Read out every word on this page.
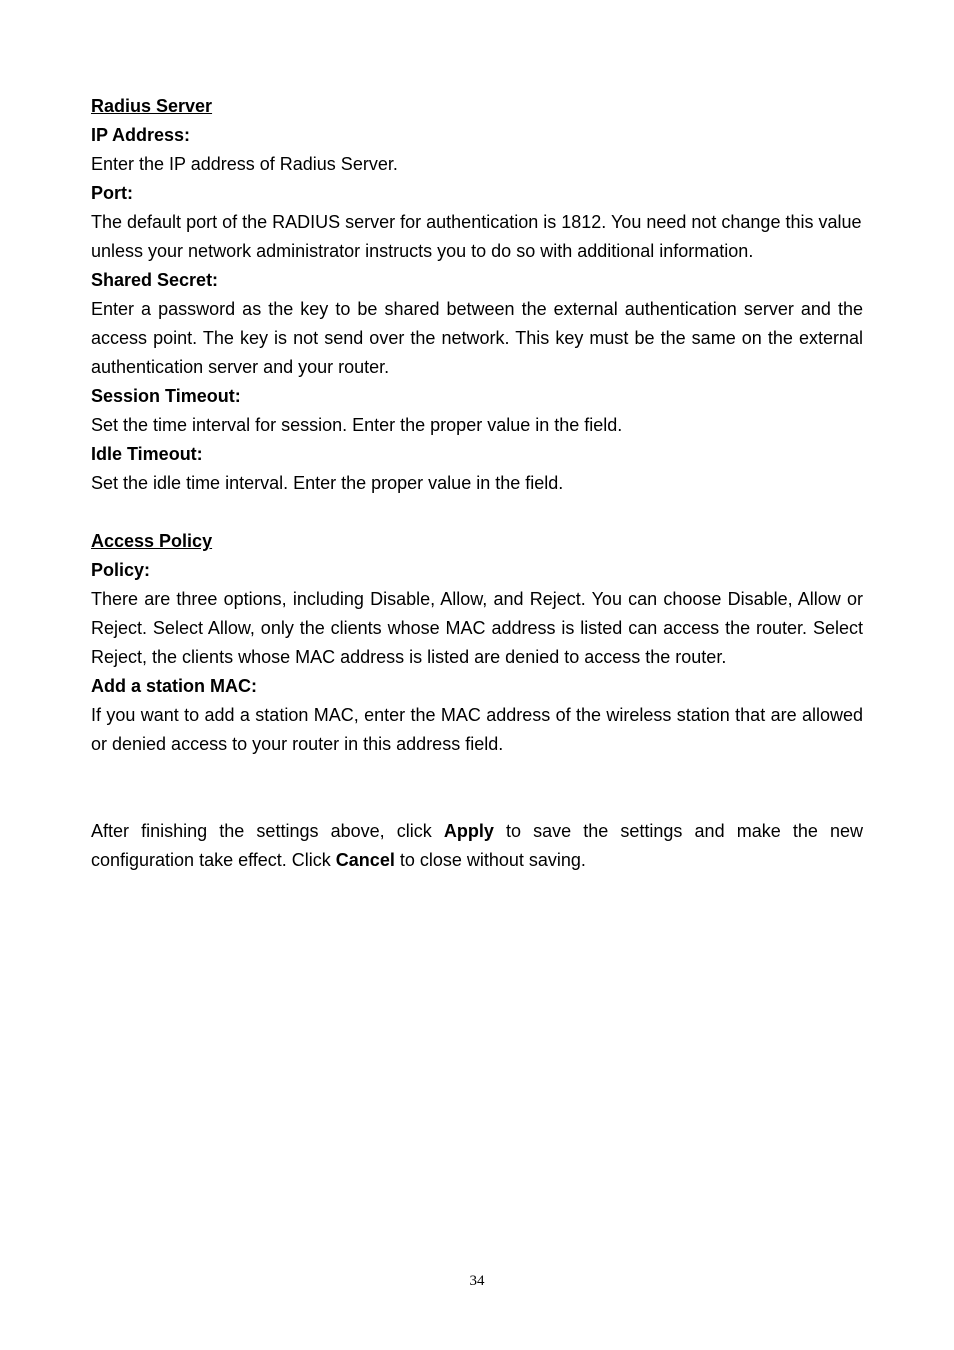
Radius Server
IP Address:

Enter the IP address of Radius Server.

Port:

The default port of the RADIUS server for authentication is 1812. You need not change this value unless your network administrator instructs you to do so with additional information.

Shared Secret:

Enter a password as the key to be shared between the external authentication server and the access point. The key is not send over the network. This key must be the same on the external authentication server and your router.

Session Timeout:

Set the time interval for session. Enter the proper value in the field.

Idle Timeout:

Set the idle time interval. Enter the proper value in the field.

Access Policy
Policy:

There are three options, including Disable, Allow, and Reject. You can choose Disable, Allow or Reject. Select Allow, only the clients whose MAC address is listed can access the router. Select Reject, the clients whose MAC address is listed are denied to access the router.

Add a station MAC:

If you want to add a station MAC, enter the MAC address of the wireless station that are allowed or denied access to your router in this address field.

After finishing the settings above, click Apply to save the settings and make the new configuration take effect. Click Cancel to close without saving.

34
